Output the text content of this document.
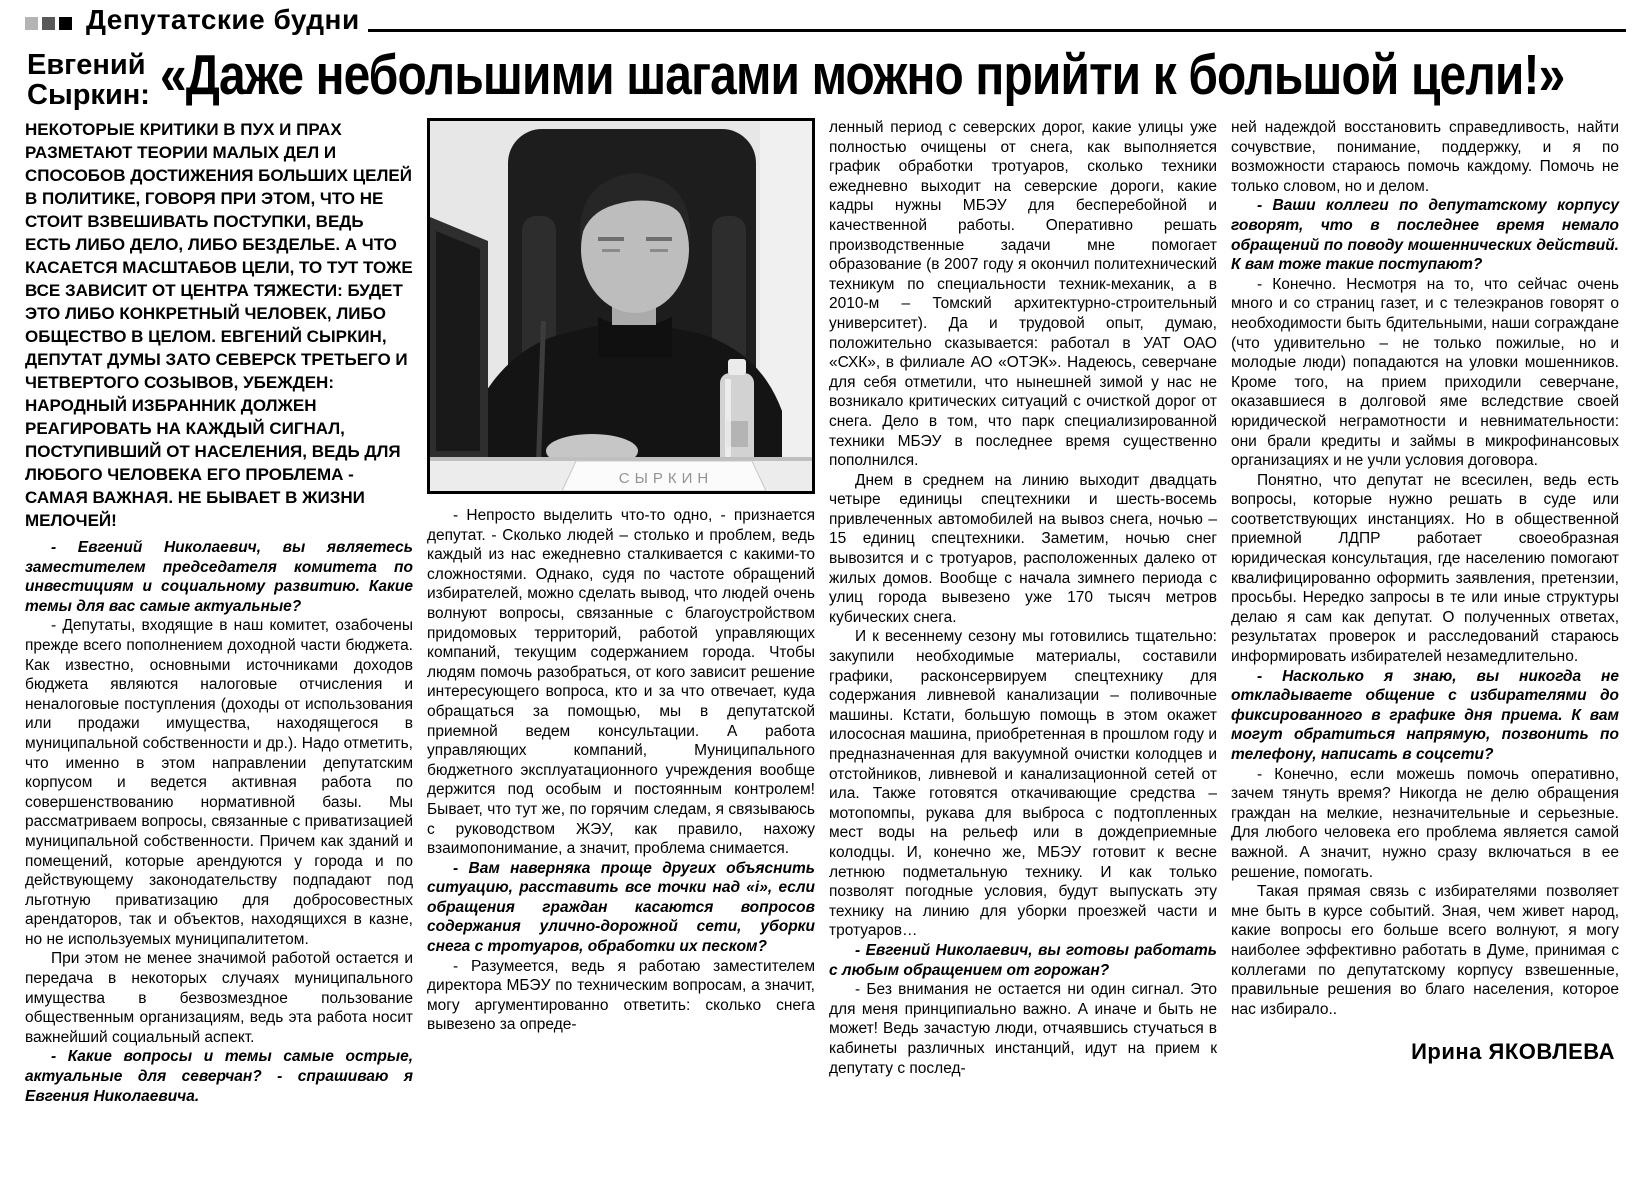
Депутатские будни
Евгений
Сыркин: «Даже небольшими шагами можно прийти к большой цели!»

НЕКОТОРЫЕ КРИТИКИ В ПУХ И ПРАХ РАЗМЕТАЮТ ТЕОРИИ МАЛЫХ ДЕЛ И СПОСОБОВ ДОСТИЖЕНИЯ БОЛЬШИХ ЦЕЛЕЙ В ПОЛИТИКЕ, ГОВОРЯ ПРИ ЭТОМ, ЧТО НЕ СТОИТ ВЗВЕШИВАТЬ ПОСТУПКИ, ВЕДЬ ЕСТЬ ЛИБО ДЕЛО, ЛИБО БЕЗДЕЛЬЕ. А ЧТО КАСАЕТСЯ МАСШТАБОВ ЦЕЛИ, ТО ТУТ ТОЖЕ ВСЕ ЗАВИСИТ ОТ ЦЕНТРА ТЯЖЕСТИ: БУДЕТ ЭТО ЛИБО КОНКРЕТНЫЙ ЧЕЛОВЕК, ЛИБО ОБЩЕСТВО В ЦЕЛОМ. ЕВГЕНИЙ СЫРКИН, ДЕПУТАТ ДУМЫ ЗАТО СЕВЕРСК ТРЕТЬЕГО И ЧЕТВЕРТОГО СОЗЫВОВ, УБЕЖДЕН: НАРОДНЫЙ ИЗБРАННИК ДОЛЖЕН РЕАГИРОВАТЬ НА КАЖДЫЙ СИГНАЛ, ПОСТУПИВШИЙ ОТ НАСЕЛЕНИЯ, ВЕДЬ ДЛЯ ЛЮБОГО ЧЕЛОВЕКА ЕГО ПРОБЛЕМА - САМАЯ ВАЖНАЯ. НЕ БЫВАЕТ В ЖИЗНИ МЕЛОЧЕЙ!

- Евгений Николаевич, вы являетесь заместителем председателя комитета по инвестициям и социальному развитию. Какие темы для вас самые актуальные?

- Депутаты, входящие в наш комитет, озабочены прежде всего пополнением доходной части бюджета. Как известно, основными источниками доходов бюджета являются налоговые отчисления и неналоговые поступления (доходы от использования или продажи имущества, находящегося в муниципальной собственности и др.). Надо отметить, что именно в этом направлении депутатским корпусом и ведется активная работа по совершенствованию нормативной базы. Мы рассматриваем вопросы, связанные с приватизацией муниципальной собственности. Причем как зданий и помещений, которые арендуются у города и по действующему законодательству подпадают под льготную приватизацию для добросовестных арендаторов, так и объектов, находящихся в казне, но не используемых муниципалитетом.

При этом не менее значимой работой остается и передача в некоторых случаях муниципального имущества в безвозмездное пользование общественным организациям, ведь эта работа носит важнейший социальный аспект.

- Какие вопросы и темы самые острые, актуальные для северчан? - спрашиваю я Евгения Николаевича.

СЫРКИН

- Непросто выделить что-то одно, - признается депутат. - Сколько людей – столько и проблем, ведь каждый из нас ежедневно сталкивается с какими-то сложностями. Однако, судя по частоте обращений избирателей, можно сделать вывод, что людей очень волнуют вопросы, связанные с благоустройством придомовых территорий, работой управляющих компаний, текущим содержанием города. Чтобы людям помочь разобраться, от кого зависит решение интересующего вопроса, кто и за что отвечает, куда обращаться за помощью, мы в депутатской приемной ведем консультации. А работа управляющих компаний, Муниципального бюджетного эксплуатационного учреждения вообще держится под особым и постоянным контролем! Бывает, что тут же, по горячим следам, я связываюсь с руководством ЖЭУ, как правило, нахожу взаимопонимание, а значит, проблема снимается.

- Вам наверняка проще других объяснить ситуацию, расставить все точки над «i», если обращения граждан касаются вопросов содержания улично-дорожной сети, уборки снега с тротуаров, обработки их песком?

- Разумеется, ведь я работаю заместителем директора МБЭУ по техническим вопросам, а значит, могу аргументированно ответить: сколько снега вывезено за опреде-

ленный период с северских дорог, какие улицы уже полностью очищены от снега, как выполняется график обработки тротуаров, сколько техники ежедневно выходит на северские дороги, какие кадры нужны МБЭУ для бесперебойной и качественной работы. Оперативно решать производственные задачи мне помогает образование (в 2007 году я окончил политехнический техникум по специальности техник-механик, а в 2010-м – Томский архитектурно-строительный университет). Да и трудовой опыт, думаю, положительно сказывается: работал в УАТ ОАО «СХК», в филиале АО «ОТЭК». Надеюсь, северчане для себя отметили, что нынешней зимой у нас не возникало критических ситуаций с очисткой дорог от снега. Дело в том, что парк специализированной техники МБЭУ в последнее время существенно пополнился.

Днем в среднем на линию выходит двадцать четыре единицы спецтехники и шесть-восемь привлеченных автомобилей на вывоз снега, ночью – 15 единиц спецтехники. Заметим, ночью снег вывозится и с тротуаров, расположенных далеко от жилых домов. Вообще с начала зимнего периода с улиц города вывезено уже 170 тысяч метров кубических снега.

И к весеннему сезону мы готовились тщательно: закупили необходимые материалы, составили графики, расконсервируем спецтехнику для содержания ливневой канализации – поливочные машины. Кстати, большую помощь в этом окажет илососная машина, приобретенная в прошлом году и предназначенная для вакуумной очистки колодцев и отстойников, ливневой и канализационной сетей от ила. Также готовятся откачивающие средства – мотопомпы, рукава для выброса с подтопленных мест воды на рельеф или в дождеприемные колодцы. И, конечно же, МБЭУ готовит к весне летнюю подметальную технику. И как только позволят погодные условия, будут выпускать эту технику на линию для уборки проезжей части и тротуаров…

- Евгений Николаевич, вы готовы работать с любым обращением от горожан?

- Без внимания не остается ни один сигнал. Это для меня принципиально важно. А иначе и быть не может! Ведь зачастую люди, отчаявшись стучаться в кабинеты различных инстанций, идут на прием к депутату с послед-

ней надеждой восстановить справедливость, найти сочувствие, понимание, поддержку, и я по возможности стараюсь помочь каждому. Помочь не только словом, но и делом.

- Ваши коллеги по депутатскому корпусу говорят, что в последнее время немало обращений по поводу мошеннических действий. К вам тоже такие поступают?

- Конечно. Несмотря на то, что сейчас очень много и со страниц газет, и с телеэкранов говорят о необходимости быть бдительными, наши сограждане (что удивительно – не только пожилые, но и молодые люди) попадаются на уловки мошенников. Кроме того, на прием приходили северчане, оказавшиеся в долговой яме вследствие своей юридической неграмотности и невнимательности: они брали кредиты и займы в микрофинансовых организациях и не учли условия договора.

Понятно, что депутат не всесилен, ведь есть вопросы, которые нужно решать в суде или соответствующих инстанциях. Но в общественной приемной ЛДПР работает своеобразная юридическая консультация, где населению помогают квалифицированно оформить заявления, претензии, просьбы. Нередко запросы в те или иные структуры делаю я сам как депутат. О полученных ответах, результатах проверок и расследований стараюсь информировать избирателей незамедлительно.

- Насколько я знаю, вы никогда не откладываете общение с избирателями до фиксированного в графике дня приема. К вам могут обратиться напрямую, позвонить по телефону, написать в соцсети?

- Конечно, если можешь помочь оперативно, зачем тянуть время? Никогда не делю обращения граждан на мелкие, незначительные и серьезные. Для любого человека его проблема является самой важной. А значит, нужно сразу включаться в ее решение, помогать.

Такая прямая связь с избирателями позволяет мне быть в курсе событий. Зная, чем живет народ, какие вопросы его больше всего волнуют, я могу наиболее эффективно работать в Думе, принимая с коллегами по депутатскому корпусу взвешенные, правильные решения во благо населения, которое нас избирало..

Ирина ЯКОВЛЕВА
